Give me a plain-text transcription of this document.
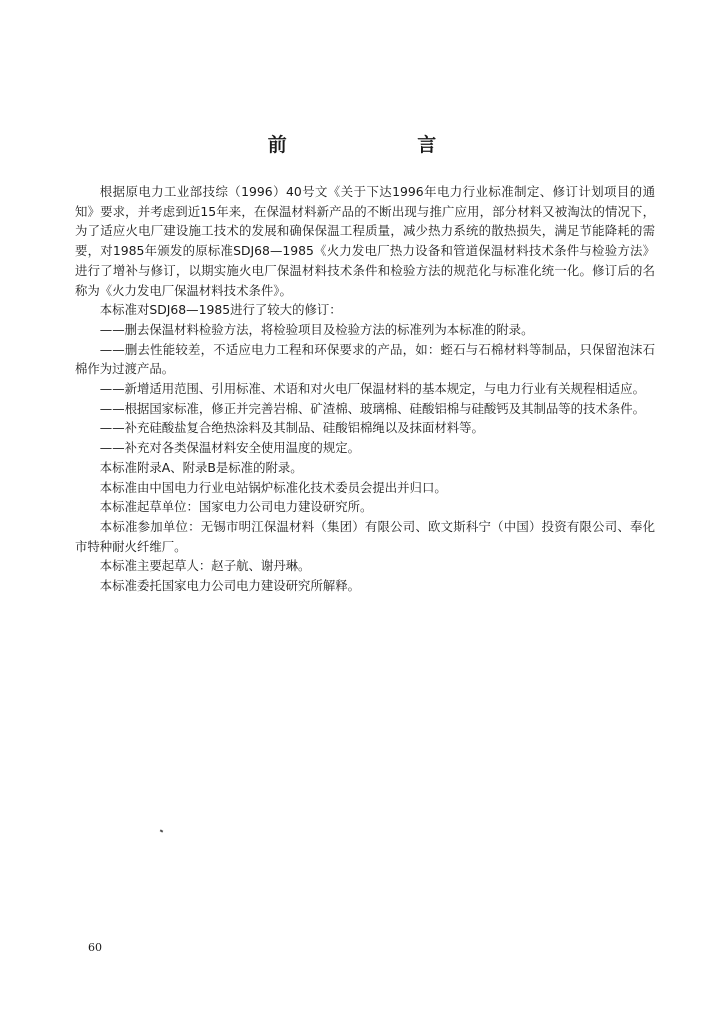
前 言

根据原电力工业部技综（1996）40号文《关于下达1996年电力行业标准制定、修订计划项目的通知》要求，并考虑到近15年来，在保温材料新产品的不断出现与推广应用，部分材料又被淘汰的情况下，为了适应火电厂建设施工技术的发展和确保保温工程质量，减少热力系统的散热损失，满足节能降耗的需要，对1985年颁发的原标准SDJ68—1985《火力发电厂热力设备和管道保温材料技术条件与检验方法》进行了增补与修订，以期实施火电厂保温材料技术条件和检验方法的规范化与标准化统一化。修订后的名称为《火力发电厂保温材料技术条件》。

本标准对SDJ68—1985进行了较大的修订：

——删去保温材料检验方法，将检验项目及检验方法的标准列为本标准的附录。

——删去性能较差，不适应电力工程和环保要求的产品，如：蛭石与石棉材料等制品，只保留泡沫石棉作为过渡产品。

——新增适用范围、引用标准、术语和对火电厂保温材料的基本规定，与电力行业有关规程相适应。

——根据国家标准，修正并完善岩棉、矿渣棉、玻璃棉、硅酸铝棉与硅酸钙及其制品等的技术条件。

——补充硅酸盐复合绝热涂料及其制品、硅酸铝棉绳以及抹面材料等。

——补充对各类保温材料安全使用温度的规定。

本标准附录A、附录B是标准的附录。

本标准由中国电力行业电站锅炉标准化技术委员会提出并归口。

本标准起草单位：国家电力公司电力建设研究所。

本标准参加单位：无锡市明江保温材料（集团）有限公司、欧文斯科宁（中国）投资有限公司、奉化市特种耐火纤维厂。

本标准主要起草人：赵子航、谢丹琳。

本标准委托国家电力公司电力建设研究所解释。

60
